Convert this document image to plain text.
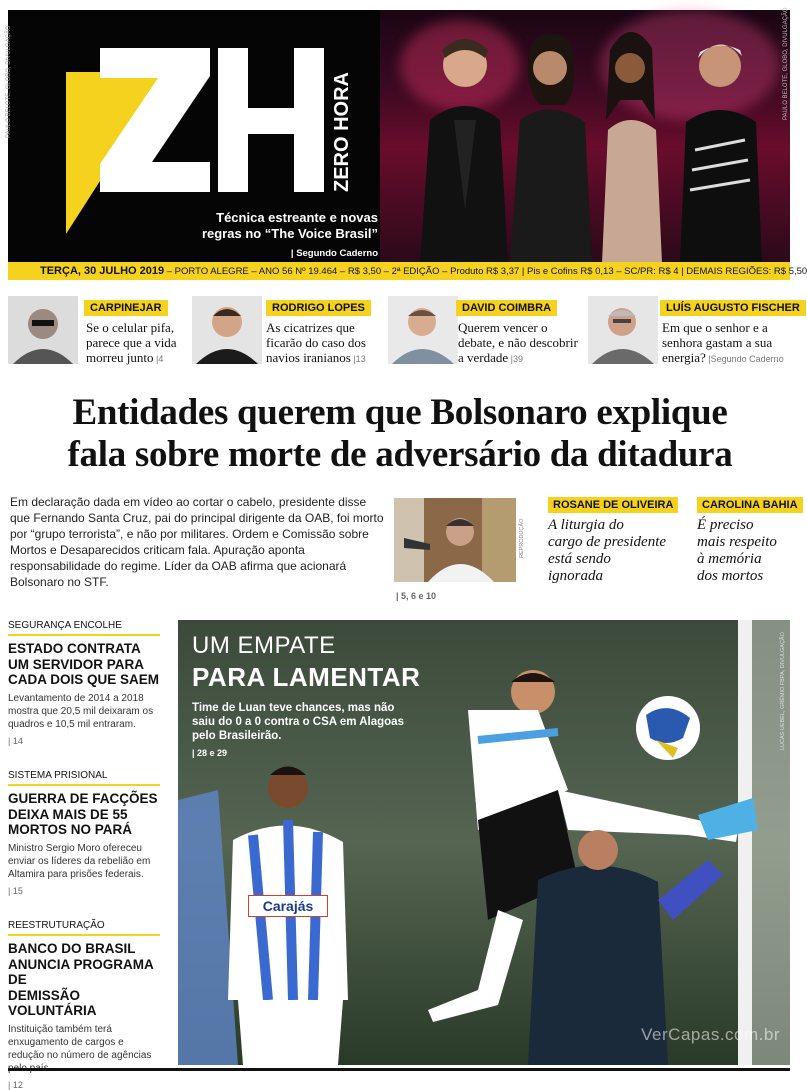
PAULO BELOTE, GLOBO, DIVULGAÇÃO	ZERO HORA
PAULO BELOTE, GLOBO, DIVULGAÇÃO
Técnica estreante e novas
regras no “The Voice Brasil”
| Segundo Caderno
TERÇA, 30 JULHO 2019 – PORTO ALEGRE – ANO 56 Nº 19.464 – R$ 3,50 – 2ª EDIÇÃO – Produto R$ 3,37 | Pis e Cofins R$ 0,13 – SC/PR: R$ 4 | DEMAIS REGIÕES: R$ 5,50
CARPINEJAR
Se o celular pifa,
parece que a vida
morreu junto |4
RODRIGO LOPES
As cicatrizes que
ficarão do caso dos
navios iranianos |13
DAVID COIMBRA
Querem vencer o
debate, e não descobrir
a verdade |39
LUÍS AUGUSTO FISCHER
Em que o senhor e a
senhora gastam a sua
energia? |Segundo Caderno
Entidades querem que Bolsonaro explique
fala sobre morte de adversário da ditadura
Em declaração dada em vídeo ao cortar o cabelo, presidente disse que Fernando Santa Cruz, pai do principal dirigente da OAB, foi morto por “grupo terrorista”, e não por militares. Ordem e Comissão sobre Mortos e Desaparecidos criticam fala. Apuração aponta responsabilidade do regime. Líder da OAB afirma que acionará Bolsonaro no STF.
REPRODUÇÃO
| 5, 6 e 10
ROSANE DE OLIVEIRA
A liturgia do
cargo de presidente
está sendo
ignorada
CAROLINA BAHIA
É preciso
mais respeito
à memória
dos mortos
SEGURANÇA ENCOLHE
ESTADO CONTRATA
UM SERVIDOR PARA
CADA DOIS QUE SAEM
Levantamento de 2014 a 2018 mostra que 20,5 mil deixaram os quadros e 10,5 mil entraram.
| 14
SISTEMA PRISIONAL
GUERRA DE FACÇÕES
DEIXA MAIS DE 55
MORTOS NO PARÁ
Ministro Sergio Moro ofereceu enviar os líderes da rebelião em Altamira para prisões federais.
| 15
REESTRUTURAÇÃO
BANCO DO BRASIL
ANUNCIA PROGRAMA DE
DEMISSÃO VOLUNTÁRIA
Instituição também terá enxugamento de cargos e redução no número de agências
| 12
UM EMPATE
PARA LAMENTAR
Time de Luan teve chances, mas não saiu do 0 a 0 contra o CSA em Alagoas pelo Brasileirão.
| 28 e 29
Carajás
LUCAS UEBEL, GRÊMIO FBPA, DIVULGAÇÃO
VerCapas.com.br
